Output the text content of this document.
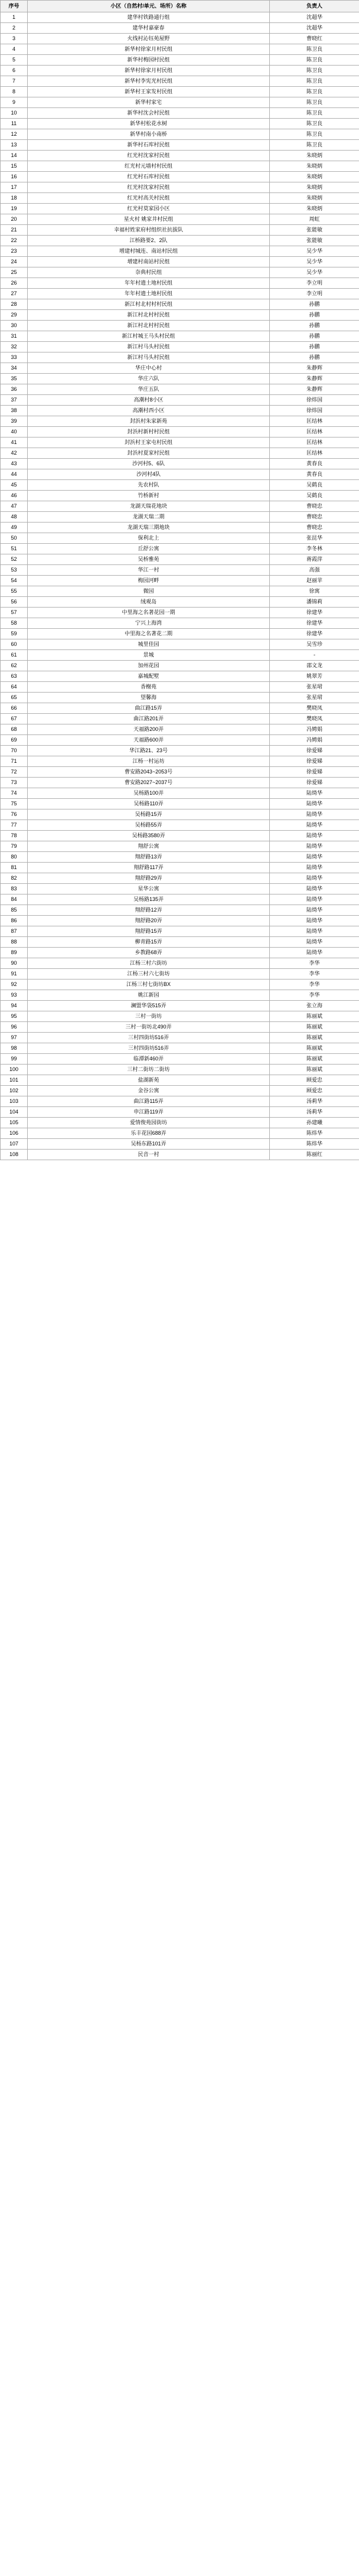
序号	小区（自然村/单元、场所）名称	负责人
1	建华村铁路通行组	沈超华
2	建华村嘉豪春	沈超华
3	火线村沁钰苑屋野	曹晓红
4	新华村徐家月村民组	陈卫良
5	新华村梅园村民组	陈卫良
6	新华村徐家月村民组	陈卫良
7	新华村李宪光村民组	陈卫良
8	新华村王家发村民组	陈卫良
9	新华村家宅	陈卫良
10	新华村沈会村民组	陈卫良
11	新华村松花水树	陈卫良
12	新华村南小南桥	陈卫良
13	新华村石库村民组	陈卫良
14	红光村沈家村民组	朱晓炳
15	红光村元墙村村民组	朱晓炳
16	红光村石库村民组	朱晓炳
17	红光村沈家村民组	朱晓炳
18	红光村高关村民组	朱晓炳
19	红光村莫家园小区	朱晓炳
20	星火村 姚家井村民组	周虹
21	幸福村姓家府村组织社抗拔队	张能敏
22	江桥路要2、2队	张能敏
23	增建村城连、南站村民组	吴少华
24	增建村南站村民组	吴少华
25	奈典村民组	吴少华
26	年年村遗土地村民组	李立明
27	年年村遗土地村民组	李立明
28	新江村北村村村民组	孙鹏
29	新江村北村村民组	孙鹏
30	新江村北村村民组	孙鹏
31	新江村城王马头村民组	孙鹏
32	新江村马头村民组	孙鹏
33	新江村马头村民组	孙鹏
34	华庄中心村	朱静辉
35	华庄六队	朱静辉
36	华庄五队	朱静辉
37	高潮村8小区	徐炜国
38	高潮村西小区	徐炜国
39	封浜村朱家新苑	匡结林
40	封浜村新村村民组	匡结林
41	封浜村王家屯村民组	匡结林
42	封浜村夏家村民组	匡结林
43	沙河村5、6队	黄春良
44	沙河村4队	黄春良
45	先农村队	吴鹤良
46	竹桥新村	吴鹤良
47	龙湖天瑞花地块	曹晓忠
48	龙湖天瑞二期	曹晓忠
49	龙湖天瑞三期地块	曹晓忠
50	保利北上	张昆华
51	丘舒公寓	李冬林
52	吴桥雅苑	蒋霞萍
53	华江一村	高强
54	梅园河畔	赵丽苹
55	微园	徐寓
56	绒观岛	潘锦莉
57	中里海之名著花园一期	徐建华
58	宁兴上海湾	徐建华
59	中里海之名著花二期	徐建华
60	城里佳园	吴雪珍
61	景城	-
62	加州花园	邵文龙
63	嘉城配墅	姚翠芳
64	香榭苑	张星珺
65	望馨海	张星珺
66	曲江路15弄	樊晓凤
67	曲江路201弄	樊晓凤
68	天福路200弄	冯娉娟
69	天福路600弄	冯娉娟
70	华江路21、23号	徐爱娣
71	江杨一村运坊	徐爱娣
72	曹安路2043~2053号	徐爱娣
73	曹安路2027~2037号	徐爱娣
74	吴杨路100弄	陆绮华
75	吴杨路110弄	陆绮华
76	吴杨路15弄	陆绮华
77	吴杨路55弄	陆绮华
78	吴杨路3580弄	陆绮华
79	翔舒公寓	陆绮华
80	翔舒路13弄	陆绮华
81	翔舒路117弄	陆绮华
82	翔舒路29弄	陆绮华
83	星华公寓	陆绮华
84	吴杨路135弄	陆绮华
85	翔舒路12弄	陆绮华
86	翔舒路20弄	陆绮华
87	翔舒路15弄	陆绮华
88	柳青路15弄	陆绮华
89	乡教路68弄	陆绮华
90	江杨三村六街坊	李华
91	江杨三村六七街坊	李华
92	江杨三村七街坊BX	李华
93	姚江新园	李华
94	澜盟华袋515弄	张立海
95	三村一街坊	陈丽斌
96	三村一街坊北490弄	陈丽斌
97	三村四街坊516弄	陈丽斌
98	三村四街坊516弄	陈丽斌
99	临潭新460弄	陈丽斌
100	三村二街坊二街坊	陈丽斌
101	盐湖新苑	顾爱忠
102	金谷公寓	顾爱忠
103	曲江路115弄	汤莉华
104	申江路119弄	汤莉华
105	爱情俊苑园街坊	孙建曦
106	乐丰花园688弄	陈炜华
107	吴杨东路101弄	陈炜华
108	民音一村	陈丽红
